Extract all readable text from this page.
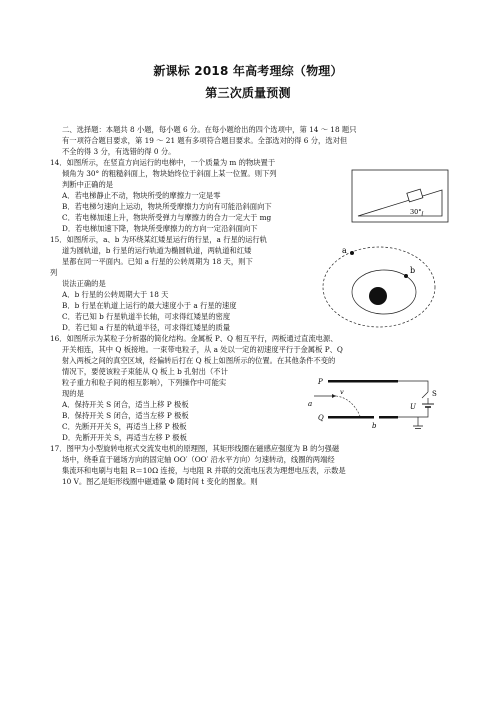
新课标 2018 年高考理综（物理）
第三次质量预测
二、选择题：本题共 8 小题，每小题 6 分。在每小题给出的四个选项中，第 14 ～ 18 题只
有一项符合题目要求，第 19 ～ 21 题有多项符合题目要求。全部选对的得 6 分，选对但
不全的得 3 分，有选错的得 0 分。
14．如图所示，在竖直方向运行的电梯中，一个质量为 m 的物块置于
倾角为 30° 的粗糙斜面上，物块始终位于斜面上某一位置。则下列
判断中正确的是
A．若电梯静止不动，物块所受的摩擦力一定是零
B．若电梯匀速向上运动，物块所受摩擦力方向有可能沿斜面向下
C．若电梯加速上升，物块所受弹力与摩擦力的合力一定大于 mg
D．若电梯加速下降，物块所受摩擦力的方向一定沿斜面向下
30°
15．如图所示，a、b 为环绕某红矮星运行的行星，a 行星的运行轨
道为圆轨道，b 行星的运行轨道为椭圆轨道，两轨道和红矮
星都在同一平面内。已知 a 行星的公转周期为 18 天，则下
列
说法正确的是
A．b 行星的公转周期大于 18 天
B．b 行星在轨道上运行的最大速度小于 a 行星的速度
C．若已知 b 行星轨道半长轴，可求得红矮星的密度
D．若已知 a 行星的轨道半径，可求得红矮星的质量
a
b
16．如图所示为某粒子分析器的简化结构。金属板 P、Q 相互平行，两板通过直流电源、
开关相连，其中 Q 板接地。一束带电粒子，从 a 处以一定的初速度平行于金属板 P、Q
射入两板之间的真空区域，经偏转后打在 Q 板上如图所示的位置。在其他条件不变的
情况下，要使该粒子束能从 Q 板上 b 孔射出（不计
粒子重力和粒子间的相互影响），下列操作中可能实
现的是
A．保持开关 S 闭合，适当上移 P 极板
B．保持开关 S 闭合，适当左移 P 极板
C．先断开开关 S，再适当上移 P 极板
D．先断开开关 S，再适当左移 P 极板
P
Q
v
a
b
S
U
17．图甲为小型旋转电枢式交流发电机的原理图，其矩形线圈在磁感应强度为 B 的匀强磁
场中，绕垂直于磁场方向的固定轴 OO′（OO′ 沿水平方向）匀速转动，线圈的两端经
集流环和电刷与电阻 R＝10Ω 连接，与电阻 R 并联的交流电压表为理想电压表，示数是
10 V。图乙是矩形线圈中磁通量 Φ 随时间 t 变化的图象。则
